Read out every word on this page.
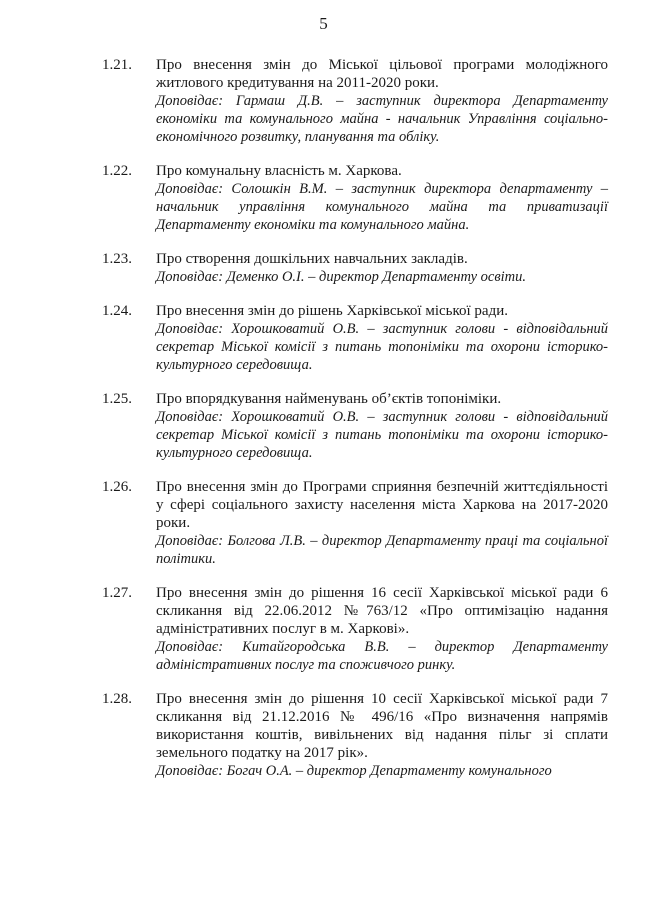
5
1.21. Про внесення змін до Міської цільової програми молодіжного житлового кредитування на 2011-2020 роки.

Доповідає: Гармаш Д.В. – заступник директора Департаменту економіки та комунального майна - начальник Управління соціально-економічного розвитку, планування та обліку.

1.22. Про комунальну власність м. Харкова.

Доповідає: Солошкін В.М. – заступник директора департаменту – начальник управління комунального майна та приватизації Департаменту економіки та комунального майна.

1.23. Про створення дошкільних навчальних закладів.

Доповідає: Деменко О.І. – директор Департаменту освіти.

1.24. Про внесення змін до рішень Харківської міської ради.

Доповідає: Хорошковатий О.В. – заступник голови - відповідальний секретар Міської комісії з питань топоніміки та охорони історико-культурного середовища.

1.25. Про впорядкування найменувань об’єктів топоніміки.

Доповідає: Хорошковатий О.В. – заступник голови - відповідальний секретар Міської комісії з питань топоніміки та охорони історико-культурного середовища.

1.26. Про внесення змін до Програми сприяння безпечній життєдіяльності у сфері соціального захисту населення міста Харкова на 2017-2020 роки.

Доповідає: Болгова Л.В. – директор Департаменту праці та соціальної політики.

1.27. Про внесення змін до рішення 16 сесії Харківської міської ради 6 скликання від 22.06.2012 №763/12 «Про оптимізацію надання адміністративних послуг в м. Харкові».

Доповідає: Китайгородська В.В. – директор Департаменту адміністративних послуг та споживчого ринку.

1.28. Про внесення змін до рішення 10 сесії Харківської міської ради 7 скликання від 21.12.2016 № 496/16 «Про визначення напрямів використання коштів, вивільнених від надання пільг зі сплати земельного податку на 2017 рік».

Доповідає: Богач О.А. – директор Департаменту комунального
